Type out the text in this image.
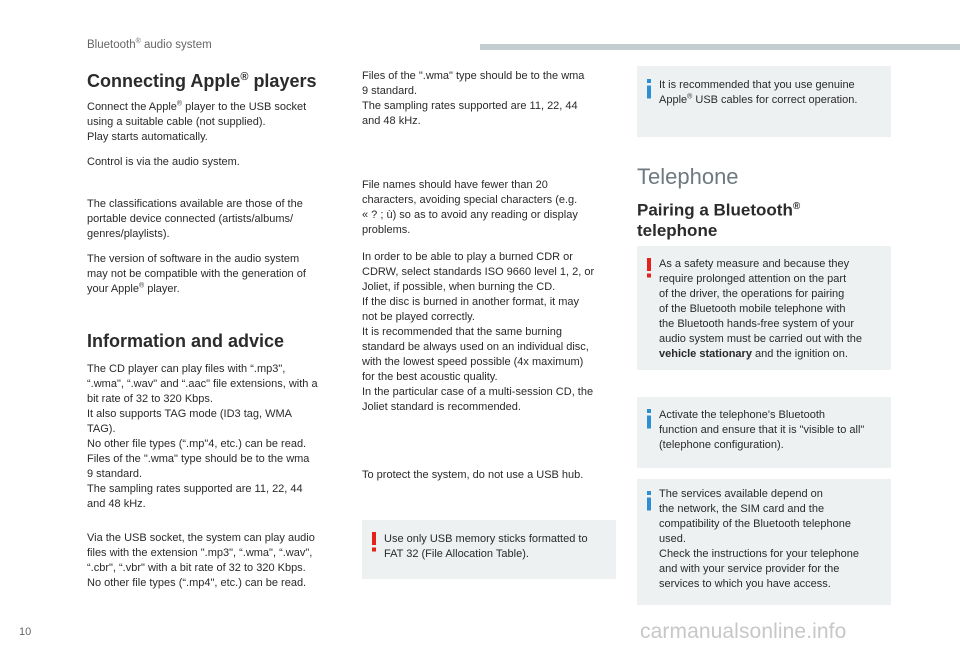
Bluetooth® audio system
Connecting Apple® players

Connect the Apple® player to the USB socket
using a suitable cable (not supplied).
Play starts automatically.

Control is via the audio system.

The classifications available are those of the
portable device connected (artists/albums/
genres/playlists).

The version of software in the audio system
may not be compatible with the generation of
your Apple® player.

Information and advice

The CD player can play files with “.mp3",
“.wma", “.wav" and “.aac" file extensions, with a
bit rate of 32 to 320 Kbps.
It also supports TAG mode (ID3 tag, WMA
TAG).
No other file types (“.mp"4, etc.) can be read.
Files of the ".wma" type should be to the wma
9 standard.
The sampling rates supported are 11, 22, 44
and 48 kHz.

Via the USB socket, the system can play audio
files with the extension ".mp3", “.wma", “.wav",
“.cbr", “.vbr" with a bit rate of 32 to 320 Kbps.
No other file types (“.mp4", etc.) can be read.

Files of the ".wma" type should be to the wma
9 standard.
The sampling rates supported are 11, 22, 44
and 48 kHz.

File names should have fewer than 20
characters, avoiding special characters (e.g.
« ? ; ù) so as to avoid any reading or display
problems.

In order to be able to play a burned CDR or
CDRW, select standards ISO 9660 level 1, 2, or
Joliet, if possible, when burning the CD.
If the disc is burned in another format, it may
not be played correctly.
It is recommended that the same burning
standard be always used on an individual disc,
with the lowest speed possible (4x maximum)
for the best acoustic quality.
In the particular case of a multi-session CD, the
Joliet standard is recommended.

To protect the system, do not use a USB hub.

Use only USB memory sticks formatted to
FAT 32 (File Allocation Table).

It is recommended that you use genuine
Apple® USB cables for correct operation.

Telephone
Pairing a Bluetooth®
telephone

As a safety measure and because they
require prolonged attention on the part
of the driver, the operations for pairing
of the Bluetooth mobile telephone with
the Bluetooth hands-free system of your
audio system must be carried out with the
vehicle stationary and the ignition on.

Activate the telephone's Bluetooth
function and ensure that it is "visible to all"
(telephone configuration).

The services available depend on
the network, the SIM card and the
compatibility of the Bluetooth telephone
used.
Check the instructions for your telephone
and with your service provider for the
services to which you have access.

10	carmanualsonline.info
